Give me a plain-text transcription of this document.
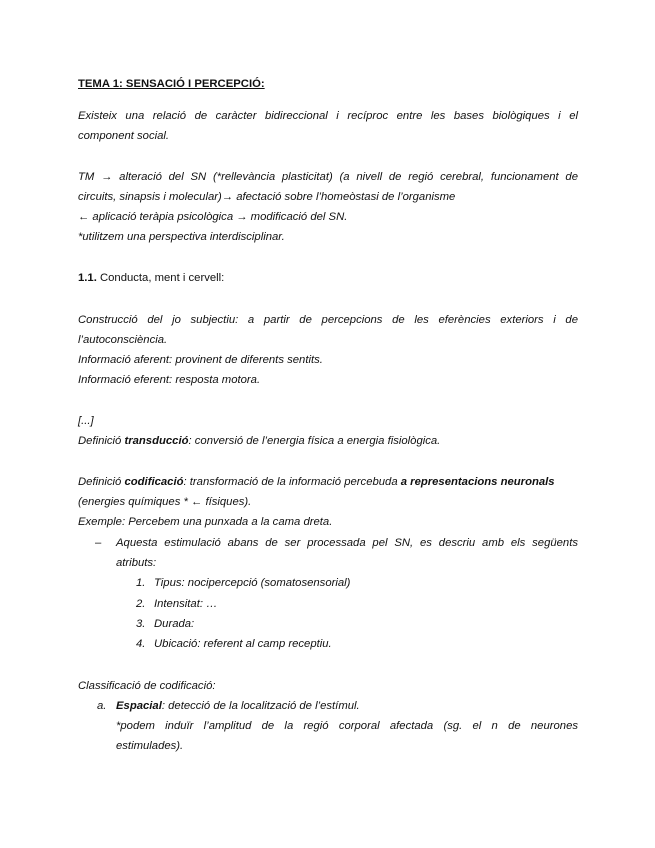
TEMA 1: SENSACIÓ I PERCEPCIÓ:
Existeix una relació de caràcter bidireccional i recíproc entre les bases biològiques i el
component social.
TM → alteració del SN (*rellevància plasticitat) (a nivell de regió cerebral, funcionament de
circuits, sinapsis i molecular)→ afectació sobre l’homeòstasi de l’organisme
← aplicació teràpia psicològica → modificació del SN.
*utilitzem una perspectiva interdisciplinar.
1.1. Conducta, ment i cervell:
Construcció del jo subjectiu: a partir de percepcions de les eferències exteriors i de
l’autoconsciència.
Informació aferent: provinent de diferents sentits.
Informació eferent: resposta motora.
[...]
Definició transducció: conversió de l’energia física a energia fisiològica.
Definició codificació: transformació de la informació percebuda a representacions neuronals
(energies químiques * ← físiques).
Exemple: Percebem una punxada a la cama dreta.
– Aquesta estimulació abans de ser processada pel SN, es descriu amb els següents
atributs:
1. Tipus: nocipercepció (somatosensorial)
2. Intensitat: …
3. Durada:
4. Ubicació: referent al camp receptiu.
Classificació de codificació:
a. Espacial: detecció de la localització de l’estímul.
*podem induïr l’amplitud de la regió corporal afectada (sg. el n de neurones
estimulades).
